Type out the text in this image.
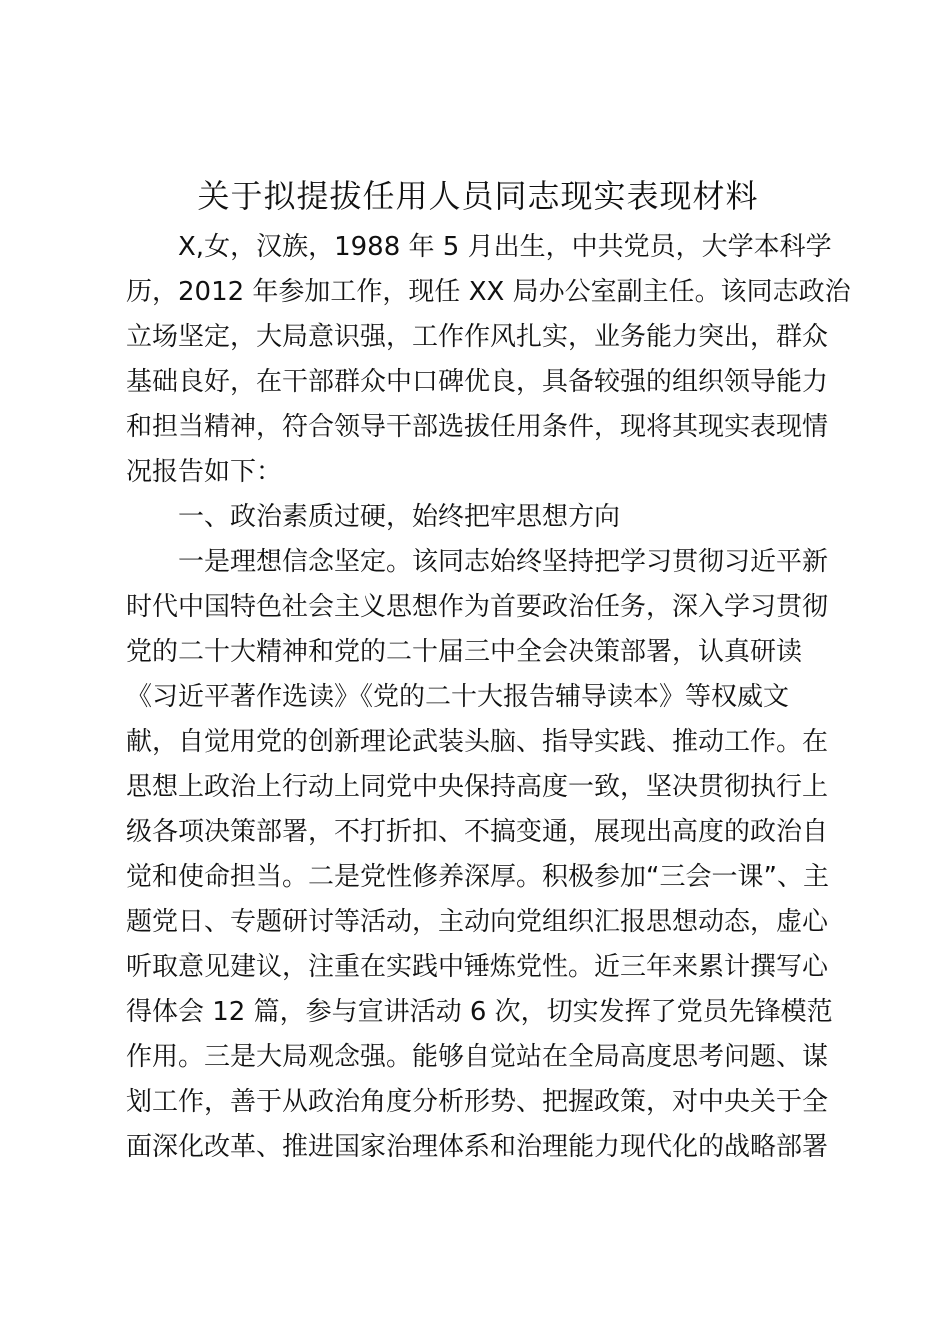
关于拟提拔任用人员同志现实表现材料
X,女，汉族，1988 年 5 月出生，中共党员，大学本科学
历，2012 年参加工作，现任 XX 局办公室副主任。该同志政治
立场坚定，大局意识强，工作作风扎实，业务能力突出，群众
基础良好，在干部群众中口碑优良，具备较强的组织领导能力
和担当精神，符合领导干部选拔任用条件，现将其现实表现情
况报告如下：
一、政治素质过硬，始终把牢思想方向
一是理想信念坚定。该同志始终坚持把学习贯彻习近平新
时代中国特色社会主义思想作为首要政治任务，深入学习贯彻
党的二十大精神和党的二十届三中全会决策部署，认真研读
《习近平著作选读》《党的二十大报告辅导读本》等权威文
献，自觉用党的创新理论武装头脑、指导实践、推动工作。在
思想上政治上行动上同党中央保持高度一致，坚决贯彻执行上
级各项决策部署，不打折扣、不搞变通，展现出高度的政治自
觉和使命担当。二是党性修养深厚。积极参加“三会一课”、主
题党日、专题研讨等活动，主动向党组织汇报思想动态，虚心
听取意见建议，注重在实践中锤炼党性。近三年来累计撰写心
得体会 12 篇，参与宣讲活动 6 次，切实发挥了党员先锋模范
作用。三是大局观念强。能够自觉站在全局高度思考问题、谋
划工作，善于从政治角度分析形势、把握政策，对中央关于全
面深化改革、推进国家治理体系和治理能力现代化的战略部署
